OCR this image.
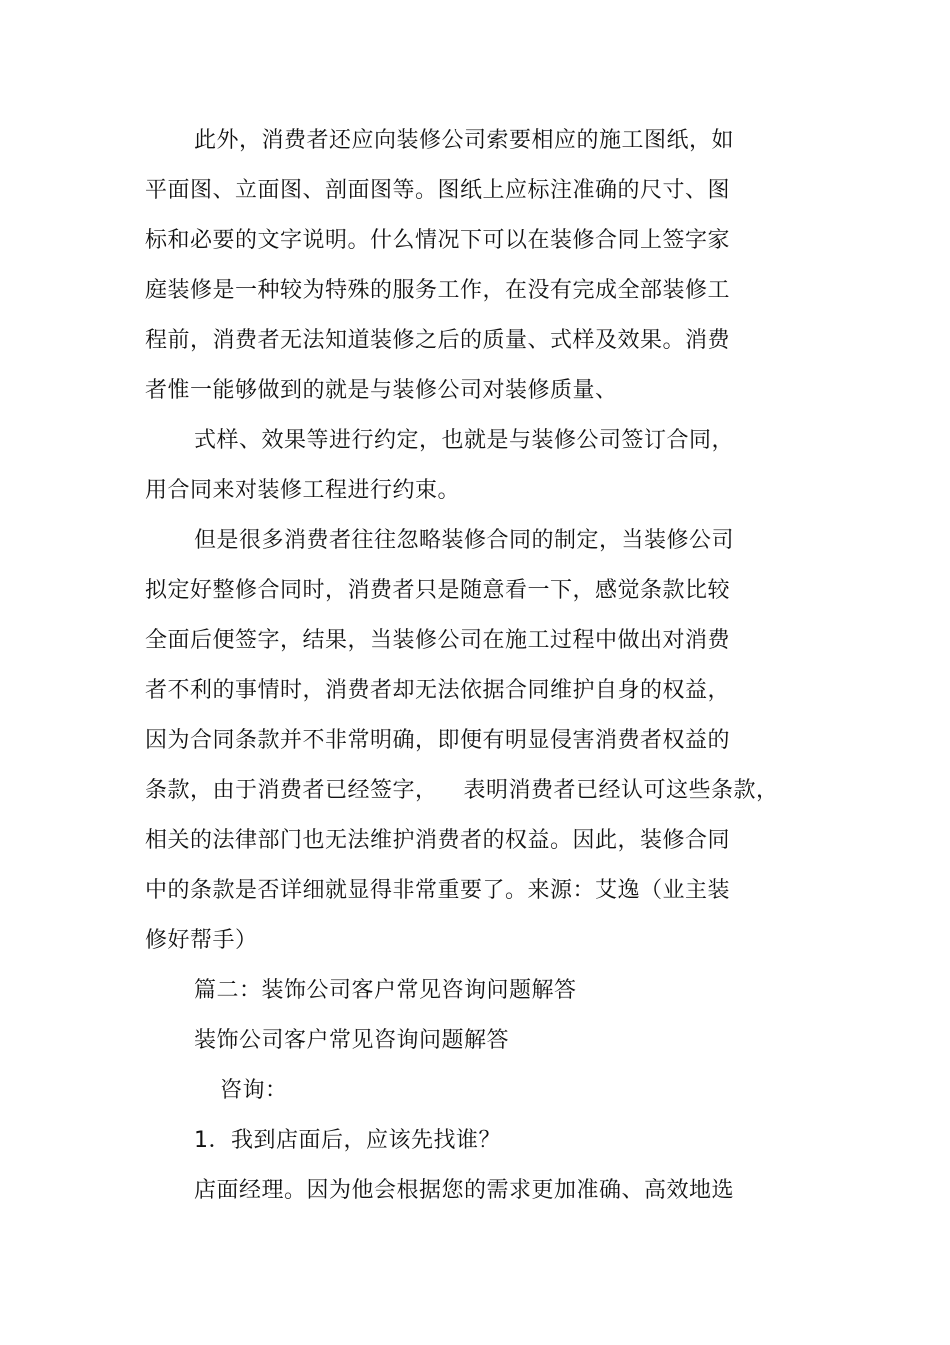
此外，消费者还应向装修公司索要相应的施工图纸，如
平面图、立面图、剖面图等。图纸上应标注准确的尺寸、图
标和必要的文字说明。什么情况下可以在装修合同上签字家
庭装修是一种较为特殊的服务工作，在没有完成全部装修工
程前，消费者无法知道装修之后的质量、式样及效果。消费
者惟一能够做到的就是与装修公司对装修质量、
式样、效果等进行约定，也就是与装修公司签订合同，
用合同来对装修工程进行约束。
但是很多消费者往往忽略装修合同的制定，当装修公司
拟定好整修合同时，消费者只是随意看一下，感觉条款比较
全面后便签字，结果，当装修公司在施工过程中做出对消费
者不利的事情时，消费者却无法依据合同维护自身的权益，
因为合同条款并不非常明确，即便有明显侵害消费者权益的
条款，由于消费者已经签字， 表明消费者已经认可这些条款，
相关的法律部门也无法维护消费者的权益。因此，装修合同
中的条款是否详细就显得非常重要了。来源：艾逸（业主装
修好帮手）
篇二：装饰公司客户常见咨询问题解答
装饰公司客户常见咨询问题解答
咨询：
1．我到店面后，应该先找谁？
店面经理。因为他会根据您的需求更加准确、高效地选
